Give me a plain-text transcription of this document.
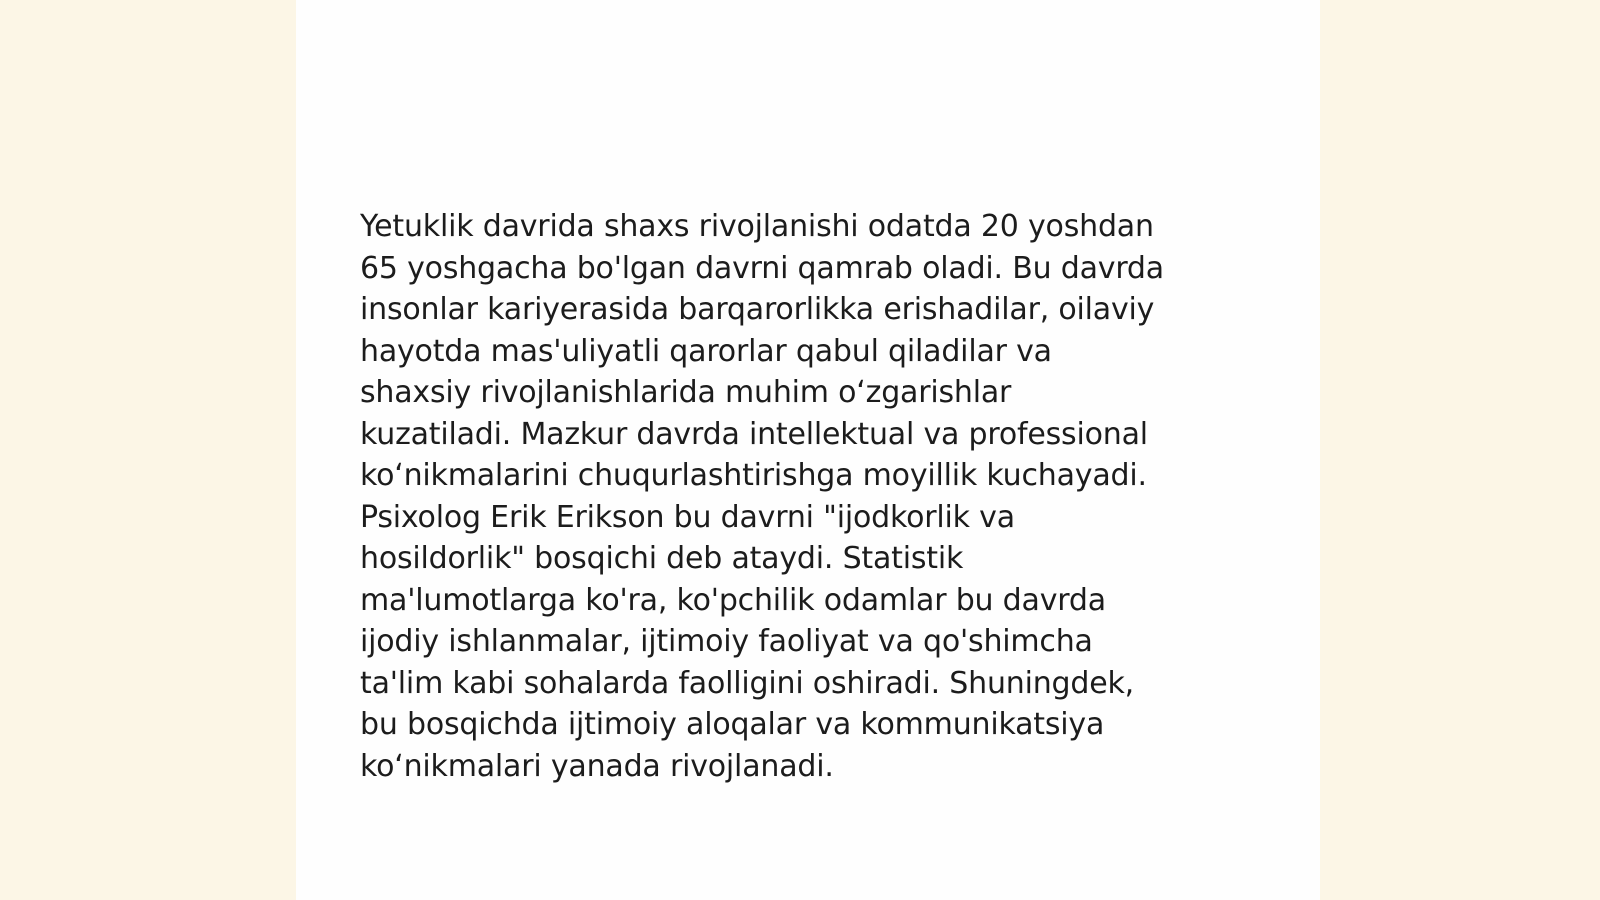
Yetuklik davrida shaxs rivojlanishi odatda 20 yoshdan
65 yoshgacha bo'lgan davrni qamrab oladi. Bu davrda
insonlar kariyerasida barqarorlikka erishadilar, oilaviy
hayotda mas'uliyatli qarorlar qabul qiladilar va
shaxsiy rivojlanishlarida muhim o‘zgarishlar
kuzatiladi. Mazkur davrda intellektual va professional
ko‘nikmalarini chuqurlashtirishga moyillik kuchayadi.
Psixolog Erik Erikson bu davrni "ijodkorlik va
hosildorlik" bosqichi deb ataydi. Statistik
ma'lumotlarga ko'ra, ko'pchilik odamlar bu davrda
ijodiy ishlanmalar, ijtimoiy faoliyat va qo'shimcha
ta'lim kabi sohalarda faolligini oshiradi. Shuningdek,
bu bosqichda ijtimoiy aloqalar va kommunikatsiya
ko‘nikmalari yanada rivojlanadi.
